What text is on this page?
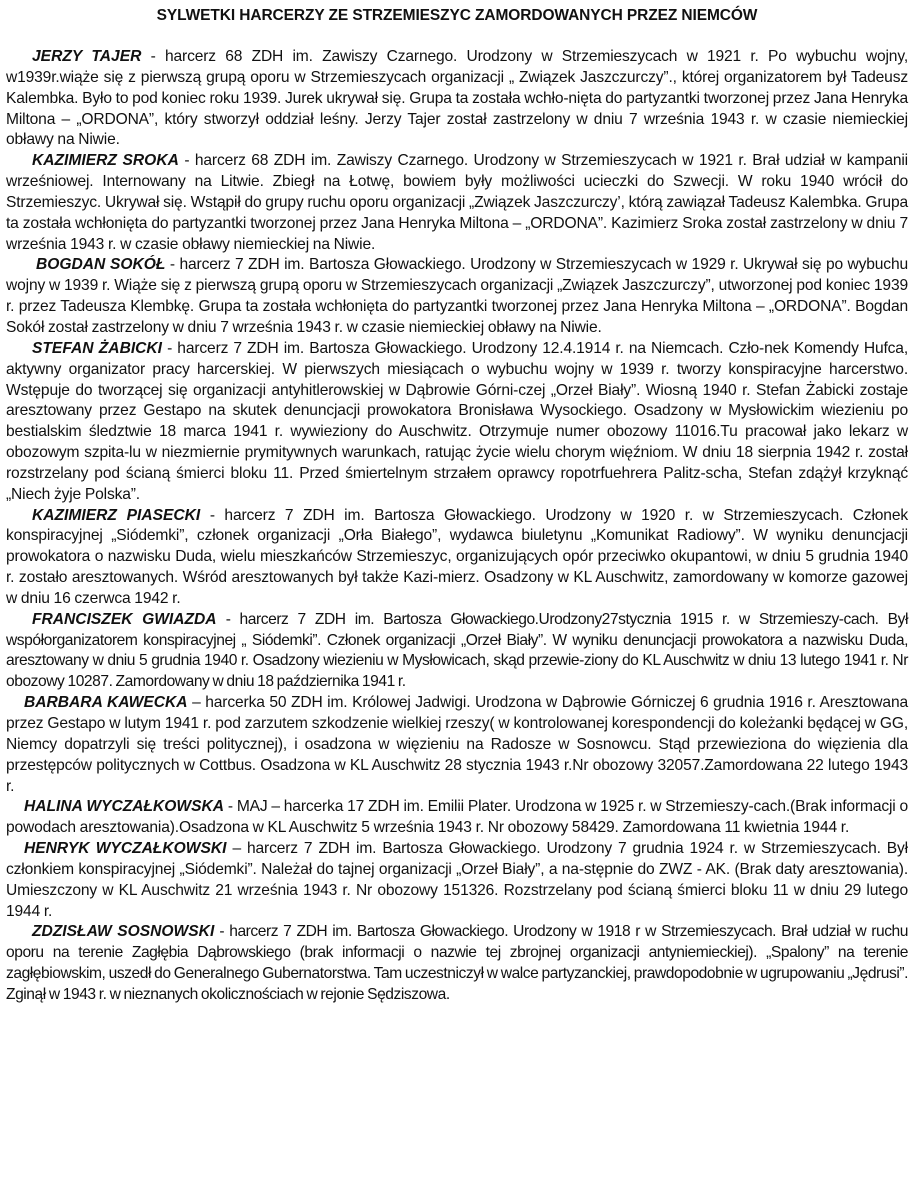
SYLWETKI HARCERZY ZE STRZEMIESZYC ZAMORDOWANYCH PRZEZ NIEMCÓW

JERZY TAJER - harcerz 68 ZDH im. Zawiszy Czarnego. Urodzony w Strzemieszycach w 1921 r. Po wybuchu wojny, w1939r.wiąże się z pierwszą grupą oporu w Strzemieszycach organizacji „ Związek Jaszczurczy”., której organizatorem był Tadeusz Kalembka. Było to pod koniec roku 1939. Jurek ukrywał się. Grupa ta została wchło-nięta do partyzantki tworzonej przez Jana Henryka Miltona – „ORDONA”, który stworzył oddział leśny. Jerzy Tajer został zastrzelony w dniu 7 września 1943 r. w czasie niemieckiej obławy na Niwie.

KAZIMIERZ SROKA - harcerz 68 ZDH im. Zawiszy Czarnego. Urodzony w Strzemieszycach w 1921 r. Brał udział w kampanii wrześniowej. Internowany na Litwie. Zbiegł na Łotwę, bowiem były możliwości ucieczki do Szwecji. W roku 1940 wrócił do Strzemieszyc. Ukrywał się. Wstąpił do grupy ruchu oporu organizacji „Związek Jaszczurczy’, którą zawiązał Tadeusz Kalembka. Grupa ta została wchłonięta do partyzantki tworzonej przez Jana Henryka Miltona – „ORDONA”. Kazimierz Sroka został zastrzelony w dniu 7 września 1943 r. w czasie obławy niemieckiej na Niwie.

BOGDAN SOKÓŁ - harcerz 7 ZDH im. Bartosza Głowackiego. Urodzony w Strzemieszycach w 1929 r. Ukrywał się po wybuchu wojny w 1939 r. Wiąże się z pierwszą grupą oporu w Strzemieszycach organizacji „Związek Jaszczurczy”, utworzonej pod koniec 1939 r. przez Tadeusza Klembkę. Grupa ta została wchłonięta do partyzantki tworzonej przez Jana Henryka Miltona – „ORDONA”. Bogdan Sokół został zastrzelony w dniu 7 września 1943 r. w czasie niemieckiej obławy na Niwie.

STEFAN ŻABICKI - harcerz 7 ZDH im. Bartosza Głowackiego. Urodzony 12.4.1914 r. na Niemcach. Czło-nek Komendy Hufca, aktywny organizator pracy harcerskiej. W pierwszych miesiącach o wybuchu wojny w 1939 r. tworzy konspiracyjne harcerstwo. Wstępuje do tworzącej się organizacji antyhitlerowskiej w Dąbrowie Górni-czej „Orzeł Biały”. Wiosną 1940 r. Stefan Żabicki zostaje aresztowany przez Gestapo na skutek denuncjacji prowokatora Bronisława Wysockiego. Osadzony w Mysłowickim wiezieniu po bestialskim śledztwie 18 marca 1941 r. wywieziony do Auschwitz. Otrzymuje numer obozowy 11016.Tu pracował jako lekarz w obozowym szpita-lu w niezmiernie prymitywnych warunkach, ratując życie wielu chorym więźniom. W dniu 18 sierpnia 1942 r. został rozstrzelany pod ścianą śmierci bloku 11. Przed śmiertelnym strzałem oprawcy ropotrfuehrera Palitz-scha, Stefan zdążył krzyknąć „Niech żyje Polska”.

KAZIMIERZ PIASECKI - harcerz 7 ZDH im. Bartosza Głowackiego. Urodzony w 1920 r. w Strzemieszycach. Członek konspiracyjnej „Siódemki”, członek organizacji „Orła Białego”, wydawca biuletynu „Komunikat Radiowy”. W wyniku denuncjacji prowokatora o nazwisku Duda, wielu mieszkańców Strzemieszyc, organizujących opór przeciwko okupantowi, w dniu 5 grudnia 1940 r. zostało aresztowanych. Wśród aresztowanych był także Kazi-mierz. Osadzony w KL Auschwitz, zamordowany w komorze gazowej w dniu 16 czerwca 1942 r.

FRANCISZEK GWIAZDA - harcerz 7 ZDH im. Bartosza Głowackiego.Urodzony27stycznia 1915 r. w Strzemieszy-cach. Był współorganizatorem konspiracyjnej „ Siódemki”. Członek organizacji „Orzeł Biały”. W wyniku denuncjacji prowokatora a nazwisku Duda, aresztowany w dniu 5 grudnia 1940 r. Osadzony wiezieniu w Mysłowicach, skąd przewie-ziony do KL Auschwitz w dniu 13 lutego 1941 r. Nr obozowy 10287. Zamordowany w dniu 18 października 1941 r.

BARBARA KAWECKA – harcerka 50 ZDH im. Królowej Jadwigi. Urodzona w Dąbrowie Górniczej 6 grudnia 1916 r. Aresztowana przez Gestapo w lutym 1941 r. pod zarzutem szkodzenie wielkiej rzeszy( w kontrolowanej korespondencji do koleżanki będącej w GG, Niemcy dopatrzyli się treści politycznej), i osadzona w więzieniu na Radosze w Sosnowcu. Stąd przewieziona do więzienia dla przestępców politycznych w Cottbus. Osadzona w KL Auschwitz 28 stycznia 1943 r.Nr obozowy 32057.Zamordowana 22 lutego 1943 r.

HALINA WYCZAŁKOWSKA - MAJ – harcerka 17 ZDH im. Emilii Plater. Urodzona w 1925 r. w Strzemieszy-cach.(Brak informacji o powodach aresztowania).Osadzona w KL Auschwitz 5 września 1943 r. Nr obozowy 58429. Zamordowana 11 kwietnia 1944 r.

HENRYK WYCZAŁKOWSKI – harcerz 7 ZDH im. Bartosza Głowackiego. Urodzony 7 grudnia 1924 r. w Strzemieszycach. Był członkiem konspiracyjnej „Siódemki”. Należał do tajnej organizacji „Orzeł Biały”, a na-stępnie do ZWZ - AK. (Brak daty aresztowania). Umieszczony w KL Auschwitz 21 września 1943 r. Nr obozowy 151326. Rozstrzelany pod ścianą śmierci bloku 11 w dniu 29 lutego 1944 r.

ZDZISŁAW SOSNOWSKI - harcerz 7 ZDH im. Bartosza Głowackiego. Urodzony w 1918 r w Strzemieszycach. Brał udział w ruchu oporu na terenie Zagłębia Dąbrowskiego (brak informacji o nazwie tej zbrojnej organizacji antyniemieckiej). „Spalony” na terenie zagłębiowskim, uszedł do Generalnego Gubernatorstwa. Tam uczestniczył w walce partyzanckiej, prawdopodobnie w ugrupowaniu „Jędrusi”. Zginął w 1943 r. w nieznanych okolicznościach w rejonie Sędziszowa.
